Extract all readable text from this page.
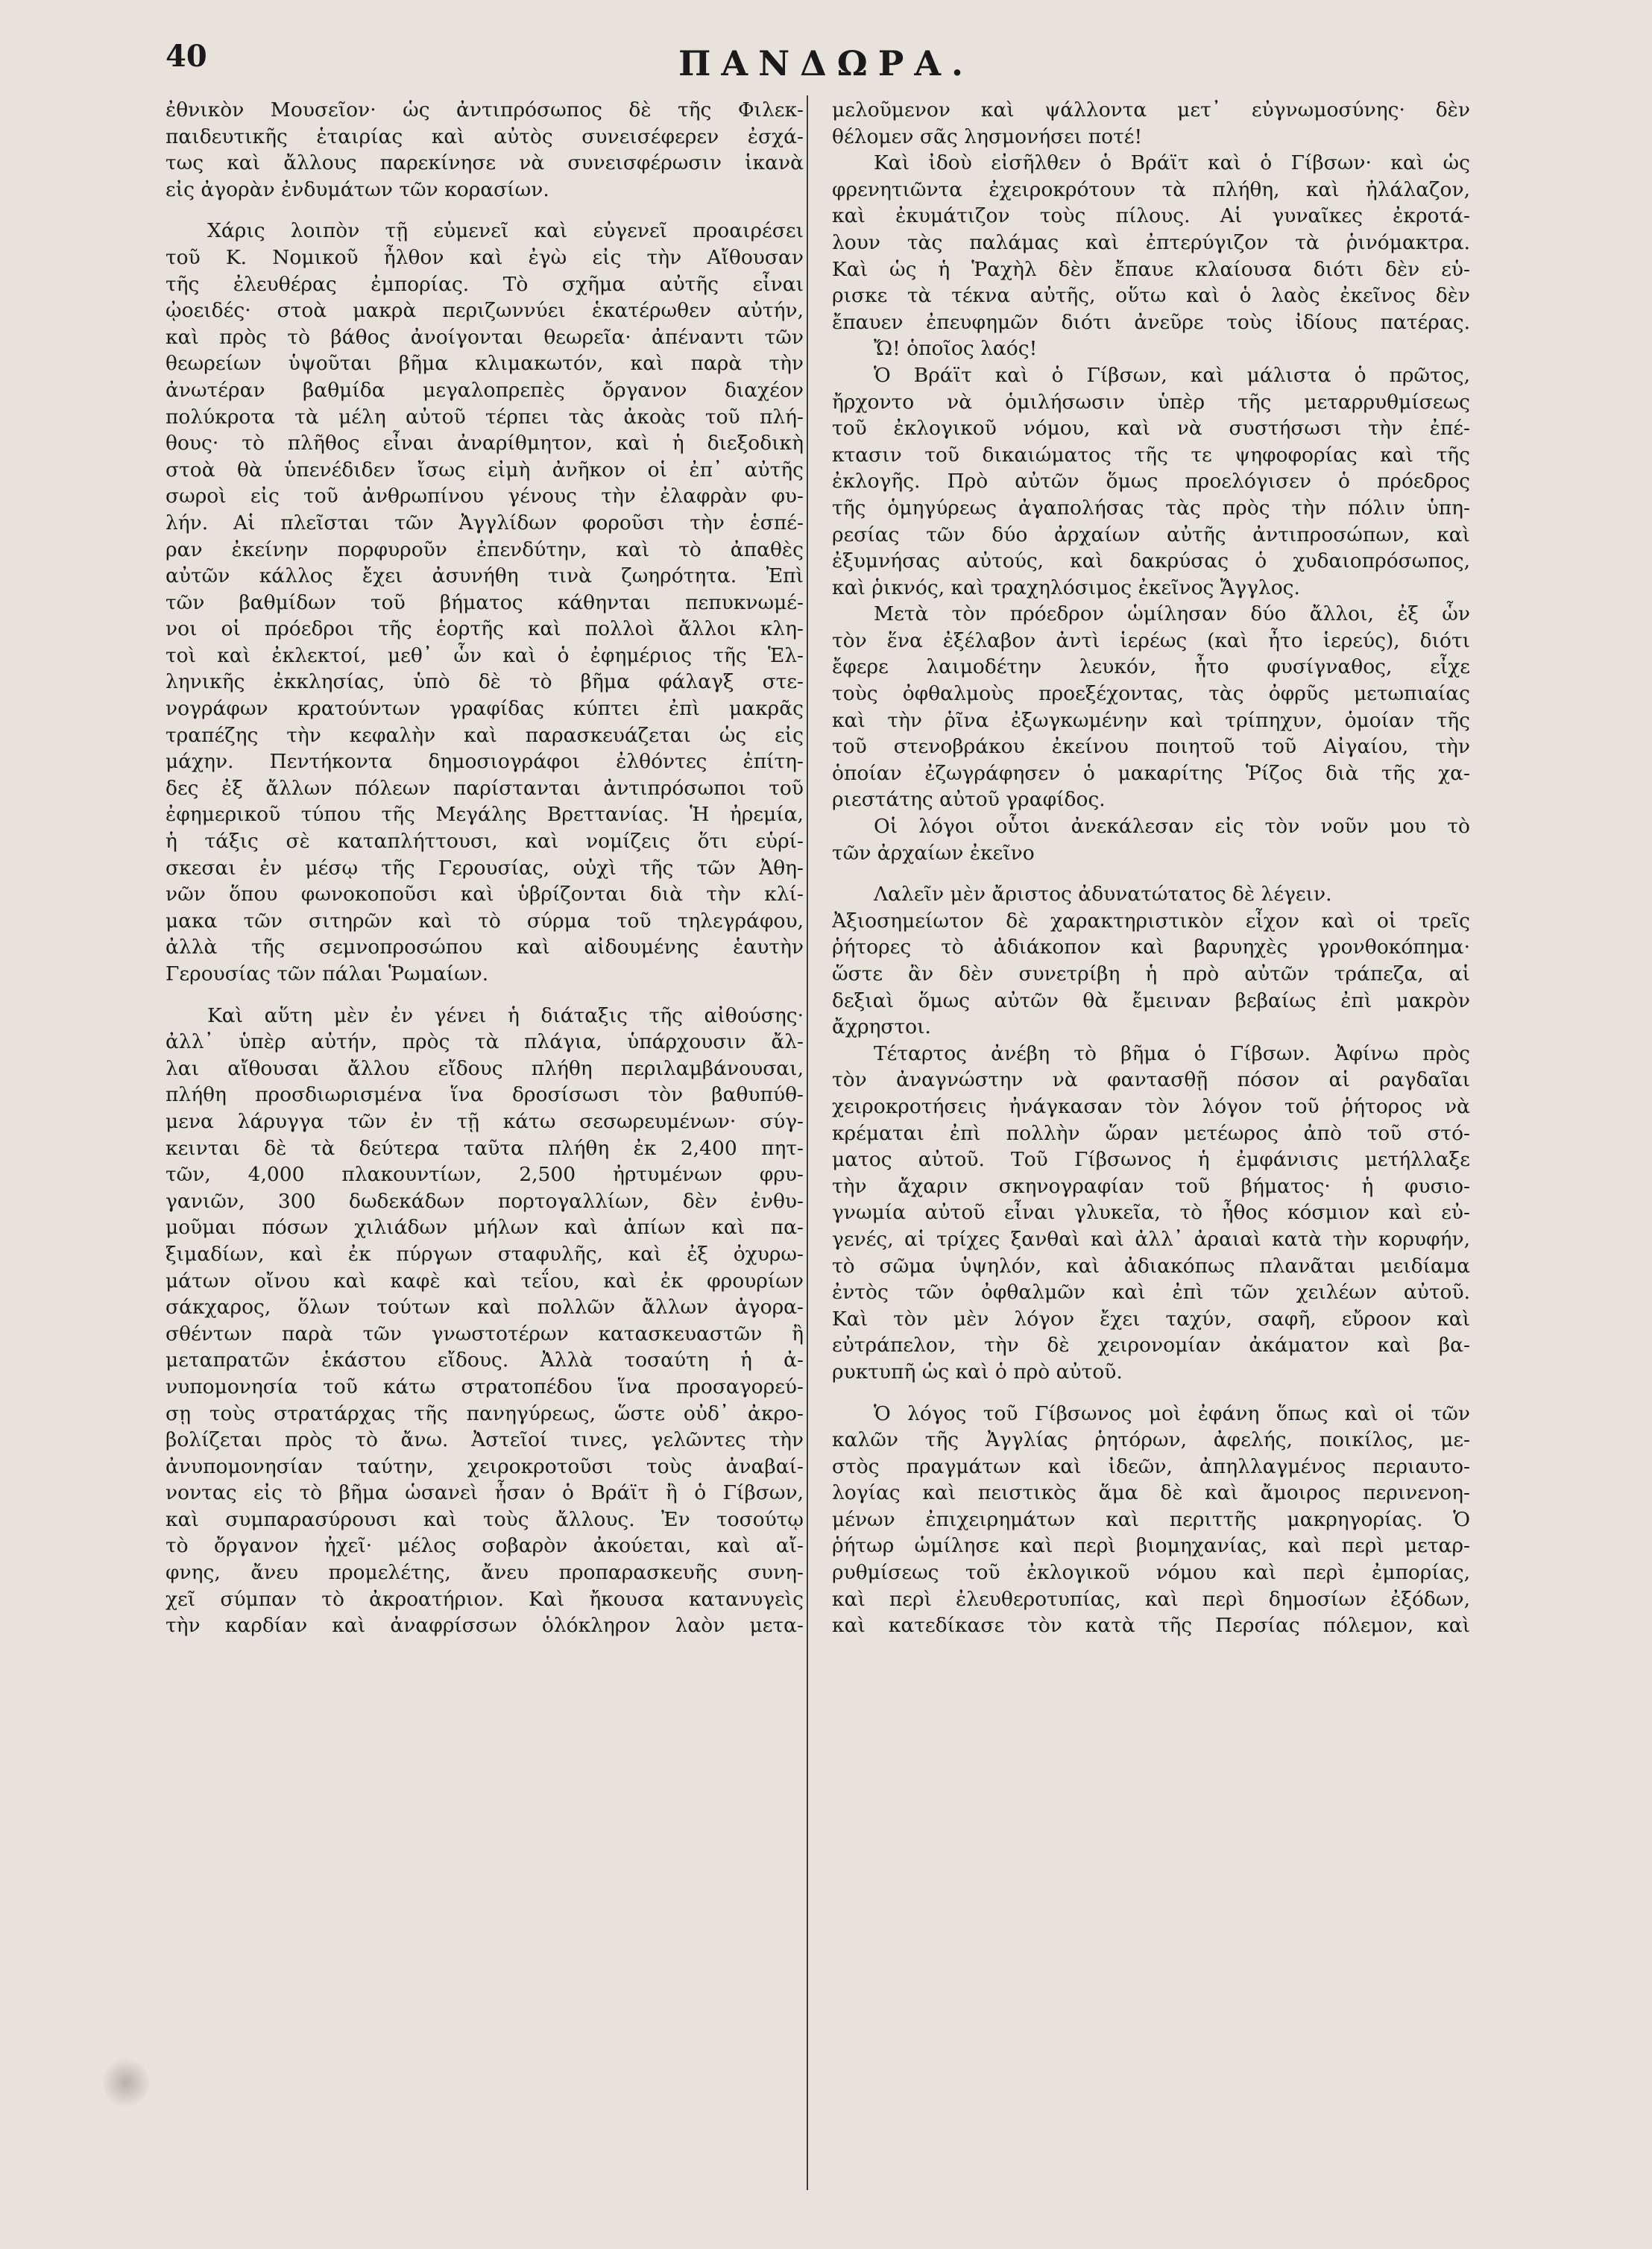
40	ΠΑΝΔΩΡΑ.
ἐθνικὸν Μουσεῖον· ὡς ἀντιπρόσωπος δὲ τῆς Φιλεκ-
παιδευτικῆς ἑταιρίας καὶ αὐτὸς συνεισέφερεν ἐσχά-
τως καὶ ἄλλους παρεκίνησε νὰ συνεισφέρωσιν ἱκανὰ
εἰς ἀγορὰν ἐνδυμάτων τῶν κορασίων.
Χάρις λοιπὸν τῇ εὐμενεῖ καὶ εὐγενεῖ προαιρέσει
τοῦ Κ. Νομικοῦ ἦλθον καὶ ἐγὼ εἰς τὴν Αἴθουσαν
τῆς ἐλευθέρας ἐμπορίας. Τὸ σχῆμα αὐτῆς εἶναι
ᾠοειδές· στοὰ μακρὰ περιζωννύει ἑκατέρωθεν αὐτήν,
καὶ πρὸς τὸ βάθος ἀνοίγονται θεωρεῖα· ἀπέναντι τῶν
θεωρείων ὑψοῦται βῆμα κλιμακωτόν, καὶ παρὰ τὴν
ἀνωτέραν βαθμίδα μεγαλοπρεπὲς ὄργανον διαχέον
πολύκροτα τὰ μέλη αὐτοῦ τέρπει τὰς ἀκοὰς τοῦ πλή-
θους· τὸ πλῆθος εἶναι ἀναρίθμητον, καὶ ἡ διεξοδικὴ
στοὰ θὰ ὑπενέδιδεν ἴσως εἰμὴ ἀνῆκον οἱ ἐπ᾽ αὐτῆς
σωροὶ εἰς τοῦ ἀνθρωπίνου γένους τὴν ἐλαφρὰν φυ-
λήν. Αἱ πλεῖσται τῶν Ἀγγλίδων φοροῦσι τὴν ἑσπέ-
ραν ἐκείνην πορφυροῦν ἐπενδύτην, καὶ τὸ ἀπαθὲς
αὐτῶν κάλλος ἔχει ἀσυνήθη τινὰ ζωηρότητα. Ἐπὶ
τῶν βαθμίδων τοῦ βήματος κάθηνται πεπυκνωμέ-
νοι οἱ πρόεδροι τῆς ἑορτῆς καὶ πολλοὶ ἄλλοι κλη-
τοὶ καὶ ἐκλεκτοί, μεθ᾽ ὧν καὶ ὁ ἐφημέριος τῆς Ἑλ-
ληνικῆς ἐκκλησίας, ὑπὸ δὲ τὸ βῆμα φάλαγξ στε-
νογράφων κρατούντων γραφίδας κύπτει ἐπὶ μακρᾶς
τραπέζης τὴν κεφαλὴν καὶ παρασκευάζεται ὡς εἰς
μάχην. Πεντήκοντα δημοσιογράφοι ἐλθόντες ἐπίτη-
δες ἐξ ἄλλων πόλεων παρίστανται ἀντιπρόσωποι τοῦ
ἐφημερικοῦ τύπου τῆς Μεγάλης Βρεττανίας. Ἡ ἠρεμία,
ἡ τάξις σὲ καταπλήττουσι, καὶ νομίζεις ὅτι εὑρί-
σκεσαι ἐν μέσῳ τῆς Γερουσίας, οὐχὶ τῆς τῶν Ἀθη-
νῶν ὅπου φωνοκοποῦσι καὶ ὑβρίζονται διὰ τὴν κλί-
μακα τῶν σιτηρῶν καὶ τὸ σύρμα τοῦ τηλεγράφου,
ἀλλὰ τῆς σεμνοπροσώπου καὶ αἰδουμένης ἑαυτὴν
Γερουσίας τῶν πάλαι Ῥωμαίων.
Καὶ αὕτη μὲν ἐν γένει ἡ διάταξις τῆς αἰθούσης·
ἀλλ᾽ ὑπὲρ αὐτήν, πρὸς τὰ πλάγια, ὑπάρχουσιν ἄλ-
λαι αἴθουσαι ἄλλου εἴδους πλήθη περιλαμβάνουσαι,
πλήθη προσδιωρισμένα ἵνα δροσίσωσι τὸν βαθυπύθ-
μενα λάρυγγα τῶν ἐν τῇ κάτω σεσωρευμένων· σύγ-
κεινται δὲ τὰ δεύτερα ταῦτα πλήθη ἐκ 2,400 πητ-
τῶν, 4,000 πλακουντίων, 2,500 ἠρτυμένων φρυ-
γανιῶν, 300 δωδεκάδων πορτογαλλίων, δὲν ἐνθυ-
μοῦμαι πόσων χιλιάδων μήλων καὶ ἀπίων καὶ πα-
ξιμαδίων, καὶ ἐκ πύργων σταφυλῆς, καὶ ἐξ ὀχυρω-
μάτων οἴνου καὶ καφὲ καὶ τεΐου, καὶ ἐκ φρουρίων
σάκχαρος, ὅλων τούτων καὶ πολλῶν ἄλλων ἀγορα-
σθέντων παρὰ τῶν γνωστοτέρων κατασκευαστῶν ἢ
μεταπρατῶν ἑκάστου εἴδους. Ἀλλὰ τοσαύτη ἡ ἀ-
νυπομονησία τοῦ κάτω στρατοπέδου ἵνα προσαγορεύ-
σῃ τοὺς στρατάρχας τῆς πανηγύρεως, ὥστε οὐδ᾽ ἀκρο-
βολίζεται πρὸς τὸ ἄνω. Ἀστεῖοί τινες, γελῶντες τὴν
ἀνυπομονησίαν ταύτην, χειροκροτοῦσι τοὺς ἀναβαί-
νοντας εἰς τὸ βῆμα ὡσανεὶ ἦσαν ὁ Βράϊτ ἢ ὁ Γίβσων,
καὶ συμπαρασύρουσι καὶ τοὺς ἄλλους. Ἐν τοσούτῳ
τὸ ὄργανον ἠχεῖ· μέλος σοβαρὸν ἀκούεται, καὶ αἴ-
φνης, ἄνευ προμελέτης, ἄνευ προπαρασκευῆς συνη-
χεῖ σύμπαν τὸ ἀκροατήριον. Καὶ ἤκουσα κατανυγεὶς
τὴν καρδίαν καὶ ἀναφρίσσων ὁλόκληρον λαὸν μετα-
μελοῦμενον καὶ ψάλλοντα μετ᾽ εὐγνωμοσύνης· δὲν
θέλομεν σᾶς λησμονήσει ποτέ!
Καὶ ἰδοὺ εἰσῆλθεν ὁ Βράϊτ καὶ ὁ Γίβσων· καὶ ὡς
φρενητιῶντα ἐχειροκρότουν τὰ πλήθη, καὶ ἠλάλαζον,
καὶ ἐκυμάτιζον τοὺς πίλους. Αἱ γυναῖκες ἐκροτά-
λουν τὰς παλάμας καὶ ἐπτερύγιζον τὰ ῥινόμακτρα.
Καὶ ὡς ἡ Ῥαχὴλ δὲν ἔπαυε κλαίουσα διότι δὲν εὑ-
ρισκε τὰ τέκνα αὐτῆς, οὕτω καὶ ὁ λαὸς ἐκεῖνος δὲν
ἔπαυεν ἐπευφημῶν διότι ἀνεῦρε τοὺς ἰδίους πατέρας.
Ὤ! ὁποῖος λαός!
Ὁ Βράϊτ καὶ ὁ Γίβσων, καὶ μάλιστα ὁ πρῶτος,
ἤρχοντο νὰ ὁμιλήσωσιν ὑπὲρ τῆς μεταρρυθμίσεως
τοῦ ἐκλογικοῦ νόμου, καὶ νὰ συστήσωσι τὴν ἐπέ-
κτασιν τοῦ δικαιώματος τῆς τε ψηφοφορίας καὶ τῆς
ἐκλογῆς. Πρὸ αὐτῶν ὅμως προελόγισεν ὁ πρόεδρος
τῆς ὁμηγύρεως ἀγαπολήσας τὰς πρὸς τὴν πόλιν ὑπη-
ρεσίας τῶν δύο ἀρχαίων αὐτῆς ἀντιπροσώπων, καὶ
ἐξυμνήσας αὐτούς, καὶ δακρύσας ὁ χυδαιοπρόσωπος,
καὶ ῥικνός, καὶ τραχηλόσιμος ἐκεῖνος Ἄγγλος.
Μετὰ τὸν πρόεδρον ὡμίλησαν δύο ἄλλοι, ἐξ ὧν
τὸν ἕνα ἐξέλαβον ἀντὶ ἱερέως (καὶ ἦτο ἱερεύς), διότι
ἔφερε λαιμοδέτην λευκόν, ἦτο φυσίγναθος, εἶχε
τοὺς ὀφθαλμοὺς προεξέχοντας, τὰς ὀφρῦς μετωπιαίας
καὶ τὴν ῥῖνα ἐξωγκωμένην καὶ τρίπηχυν, ὁμοίαν τῆς
τοῦ στενοβράκου ἐκείνου ποιητοῦ τοῦ Αἰγαίου, τὴν
ὁποίαν ἐζωγράφησεν ὁ μακαρίτης Ῥίζος διὰ τῆς χα-
ριεστάτης αὐτοῦ γραφίδος.
Οἱ λόγοι οὗτοι ἀνεκάλεσαν εἰς τὸν νοῦν μου τὸ
τῶν ἀρχαίων ἐκεῖνο
Λαλεῖν μὲν ἄριστος ἀδυνατώτατος δὲ λέγειν.
Ἀξιοσημείωτον δὲ χαρακτηριστικὸν εἶχον καὶ οἱ τρεῖς
ῥήτορες τὸ ἀδιάκοπον καὶ βαρυηχὲς γρονθοκόπημα·
ὥστε ἂν δὲν συνετρίβη ἡ πρὸ αὐτῶν τράπεζα, αἱ
δεξιαὶ ὅμως αὐτῶν θὰ ἔμειναν βεβαίως ἐπὶ μακρὸν
ἄχρηστοι.
Τέταρτος ἀνέβη τὸ βῆμα ὁ Γίβσων. Ἀφίνω πρὸς
τὸν ἀναγνώστην νὰ φαντασθῇ πόσον αἱ ραγδαῖαι
χειροκροτήσεις ἠνάγκασαν τὸν λόγον τοῦ ῥήτορος νὰ
κρέμαται ἐπὶ πολλὴν ὥραν μετέωρος ἀπὸ τοῦ στό-
ματος αὐτοῦ. Τοῦ Γίβσωνος ἡ ἐμφάνισις μετήλλαξε
τὴν ἄχαριν σκηνογραφίαν τοῦ βήματος· ἡ φυσιο-
γνωμία αὐτοῦ εἶναι γλυκεῖα, τὸ ἦθος κόσμιον καὶ εὐ-
γενές, αἱ τρίχες ξανθαὶ καὶ ἀλλ᾽ ἀραιαὶ κατὰ τὴν κορυφήν,
τὸ σῶμα ὑψηλόν, καὶ ἀδιακόπως πλανᾶται μειδίαμα
ἐντὸς τῶν ὀφθαλμῶν καὶ ἐπὶ τῶν χειλέων αὐτοῦ.
Καὶ τὸν μὲν λόγον ἔχει ταχύν, σαφῆ, εὔροον καὶ
εὐτράπελον, τὴν δὲ χειρονομίαν ἀκάματον καὶ βα-
ρυκτυπῆ ὡς καὶ ὁ πρὸ αὐτοῦ.
Ὁ λόγος τοῦ Γίβσωνος μοὶ ἐφάνη ὅπως καὶ οἱ τῶν
καλῶν τῆς Ἀγγλίας ῥητόρων, ἀφελής, ποικίλος, με-
στὸς πραγμάτων καὶ ἰδεῶν, ἀπηλλαγμένος περιαυτο-
λογίας καὶ πειστικὸς ἅμα δὲ καὶ ἄμοιρος περινενοη-
μένων ἐπιχειρημάτων καὶ περιττῆς μακρηγορίας. Ὁ
ῥήτωρ ὡμίλησε καὶ περὶ βιομηχανίας, καὶ περὶ μεταρ-
ρυθμίσεως τοῦ ἐκλογικοῦ νόμου καὶ περὶ ἐμπορίας,
καὶ περὶ ἐλευθεροτυπίας, καὶ περὶ δημοσίων ἐξόδων,
καὶ κατεδίκασε τὸν κατὰ τῆς Περσίας πόλεμον, καὶ
